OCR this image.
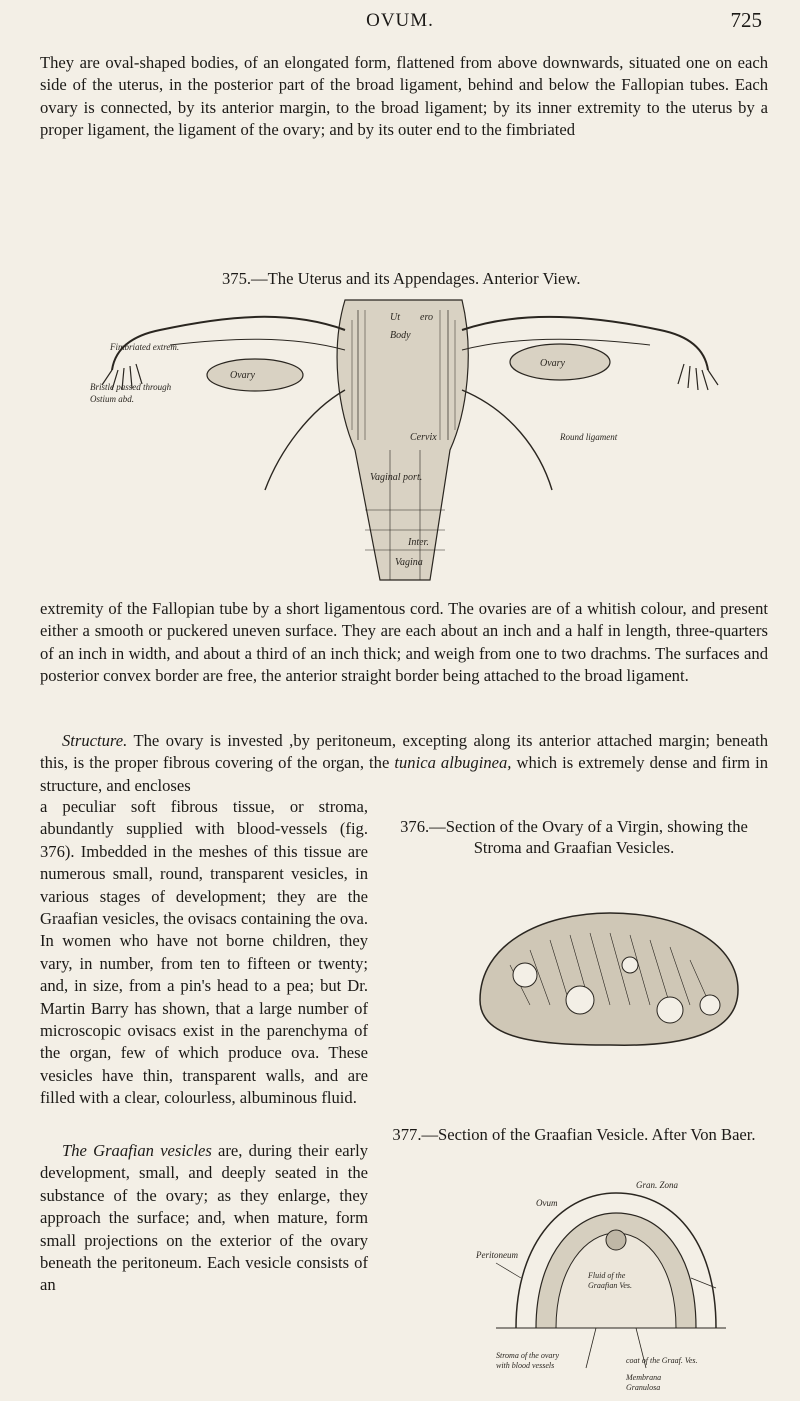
OVUM.	725

They are oval-shaped bodies, of an elongated form, flattened from above downwards, situated one on each side of the uterus, in the posterior part of the broad ligament, behind and below the Fallopian tubes. Each ovary is connected, by its anterior margin, to the broad ligament; by its inner extremity to the uterus by a proper ligament, the ligament of the ovary; and by its outer end to the fimbriated

375.—The Uterus and its Appendages. Anterior View.

Ut ero
Body
Cervix
Vaginal port.
Inter.
Vagina
Ovary
Ovary
Bristle passed through
Ostium abd.
Fimbriated extrem.
Round ligament

extremity of the Fallopian tube by a short ligamentous cord. The ovaries are of a whitish colour, and present either a smooth or puckered uneven surface. They are each about an inch and a half in length, three-quarters of an inch in width, and about a third of an inch thick; and weigh from one to two drachms. The surfaces and posterior convex border are free, the anterior straight border being attached to the broad ligament.

Structure. The ovary is invested ,by peritoneum, excepting along its anterior attached margin; beneath this, is the proper fibrous covering of the organ, the tunica albuginea, which is extremely dense and firm in structure, and encloses

a peculiar soft fibrous tissue, or stroma, abundantly supplied with blood-vessels (fig. 376). Imbedded in the meshes of this tissue are numerous small, round, transparent vesicles, in various stages of development; they are the Graafian vesicles, the ovisacs containing the ova. In women who have not borne children, they vary, in number, from ten to fifteen or twenty; and, in size, from a pin's head to a pea; but Dr. Martin Barry has shown, that a large number of microscopic ovisacs exist in the parenchyma of the organ, few of which produce ova. These vesicles have thin, transparent walls, and are filled with a clear, colourless, albuminous fluid.

376.—Section of the Ovary of a Virgin, showing the Stroma and Graafian Vesicles.

The Graafian vesicles are, during their early development, small, and deeply seated in the substance of the ovary; as they enlarge, they approach the surface; and, when mature, form small projections on the exterior of the ovary beneath the peritoneum. Each vesicle consists of an

377.—Section of the Graafian Vesicle. After Von Baer.

Ovum
Gran. Zona
Peritoneum
Fluid of the
Graafian Ves.
Stroma of the ovary
with blood vessels
coat of the Graaf. Ves.
Membrana
Granulosa
